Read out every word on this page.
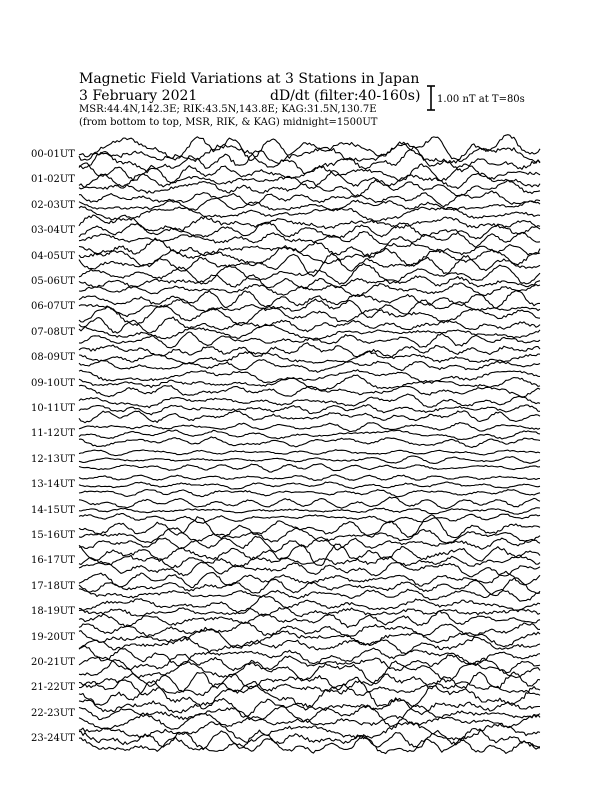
Magnetic Field Variations at 3 Stations in Japan
3 February 2021	dD/dt (filter:40-160s)
MSR:44.4N,142.3E; RIK:43.5N,143.8E; KAG:31.5N,130.7E
(from bottom to top, MSR, RIK, & KAG) midnight=1500UT
1.00 nT at T=80s
00-01UT
01-02UT
02-03UT
03-04UT
04-05UT
05-06UT
06-07UT
07-08UT
08-09UT
09-10UT
10-11UT
11-12UT
12-13UT
13-14UT
14-15UT
15-16UT
16-17UT
17-18UT
18-19UT
19-20UT
20-21UT
21-22UT
22-23UT
23-24UT
